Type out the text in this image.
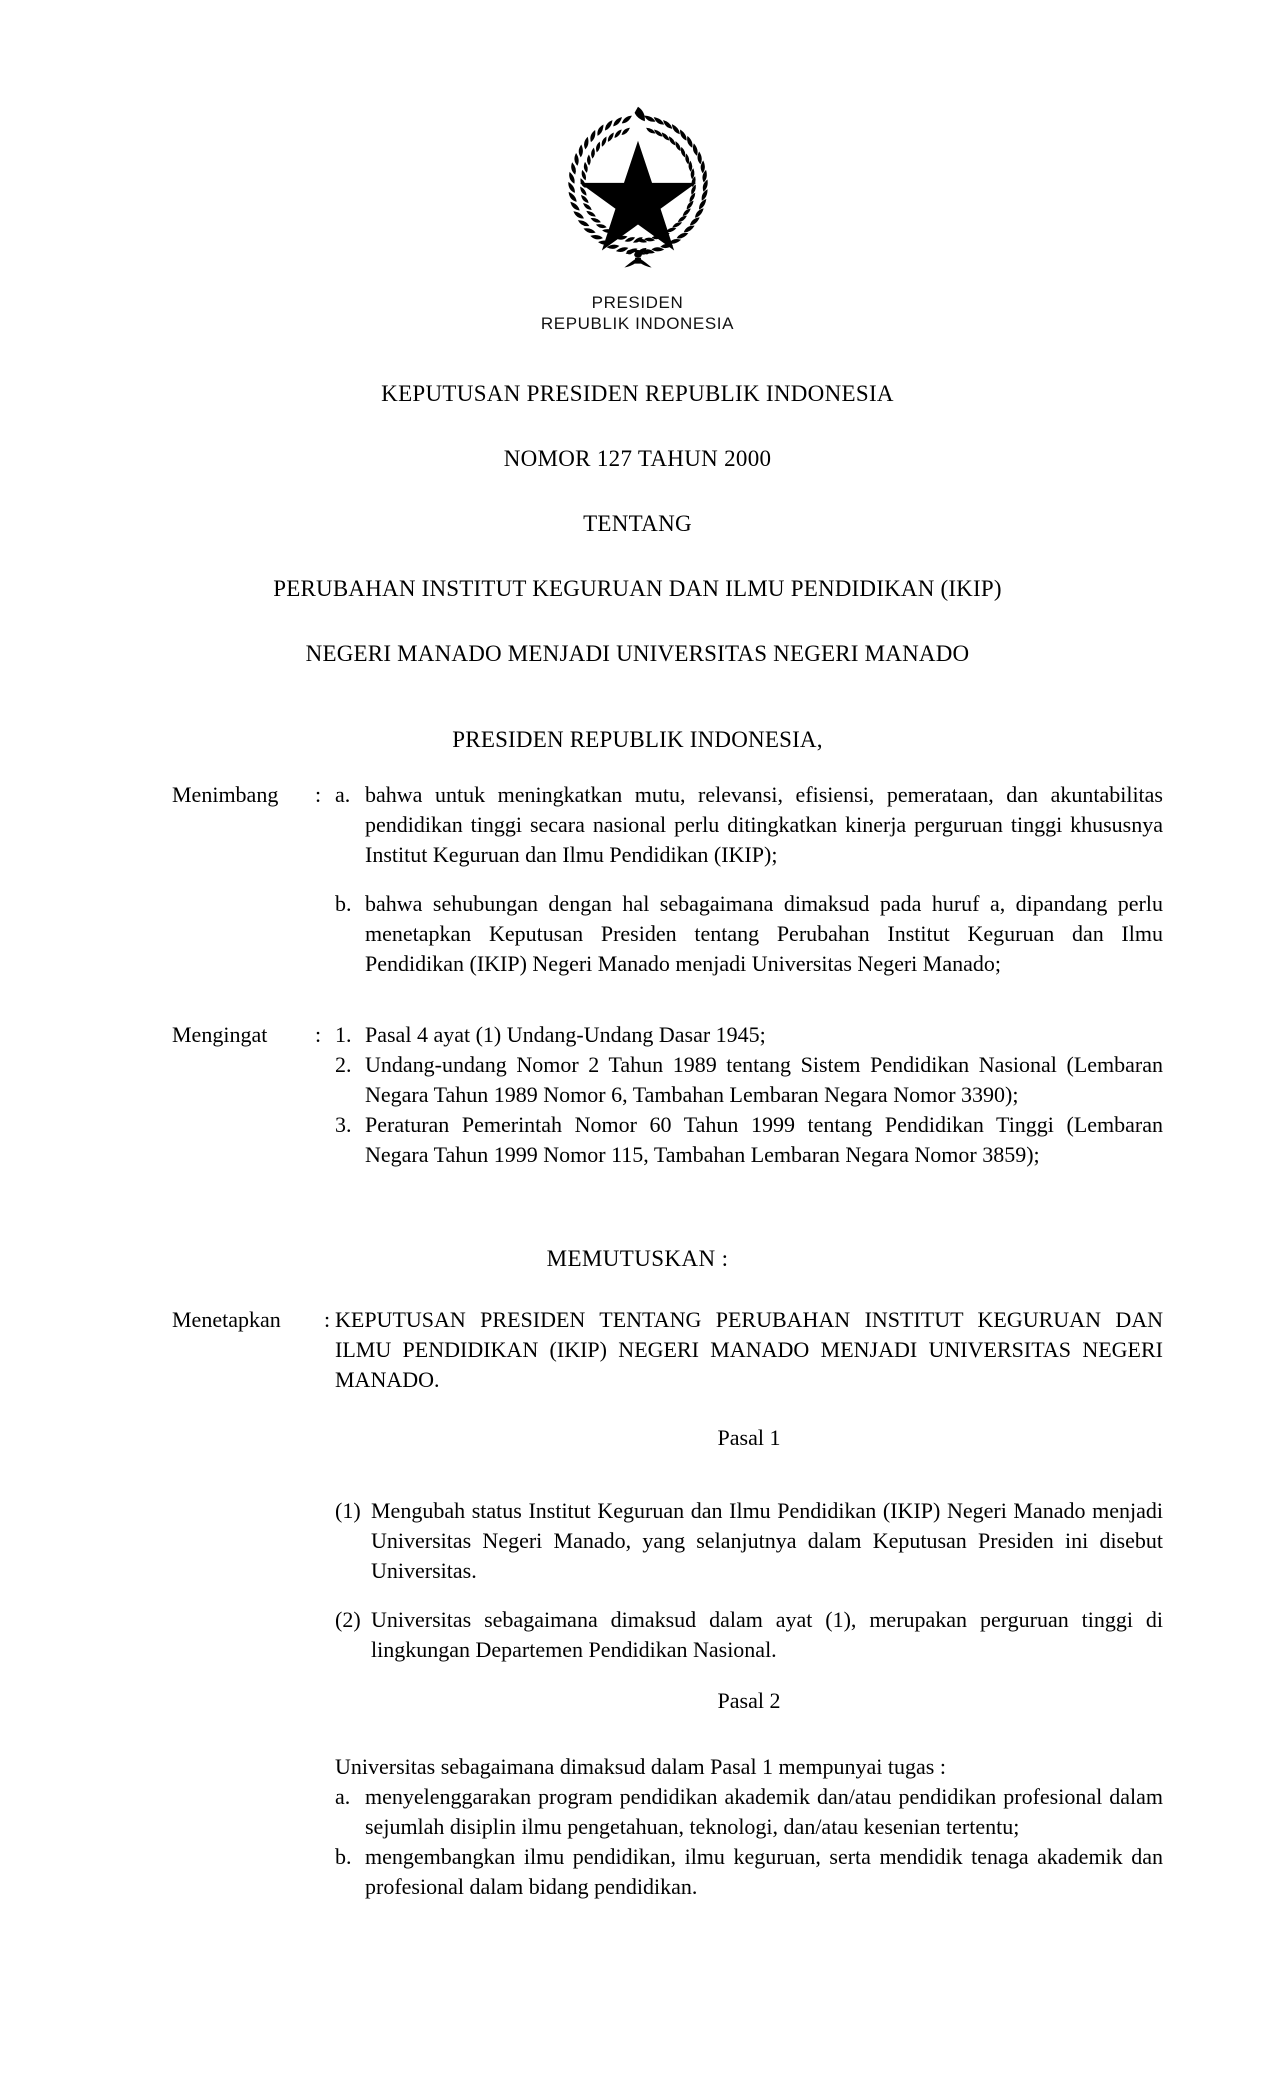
PRESIDEN
REPUBLIK INDONESIA
KEPUTUSAN PRESIDEN REPUBLIK INDONESIA
NOMOR 127 TAHUN 2000
TENTANG
PERUBAHAN INSTITUT KEGURUAN DAN ILMU PENDIDIKAN (IKIP)
NEGERI MANADO MENJADI UNIVERSITAS NEGERI MANADO
PRESIDEN REPUBLIK INDONESIA,
Menimbang : a. bahwa untuk meningkatkan mutu, relevansi, efisiensi, pemerataan, dan akuntabilitas pendidikan tinggi secara nasional perlu ditingkatkan kinerja perguruan tinggi khususnya Institut Keguruan dan Ilmu Pendidikan (IKIP);
b. bahwa sehubungan dengan hal sebagaimana dimaksud pada huruf a, dipandang perlu menetapkan Keputusan Presiden tentang Perubahan Institut Keguruan dan Ilmu Pendidikan (IKIP) Negeri Manado menjadi Universitas Negeri Manado;
Mengingat : 1. Pasal 4 ayat (1) Undang-Undang Dasar 1945;
2. Undang-undang Nomor 2 Tahun 1989 tentang Sistem Pendidikan Nasional (Lembaran Negara Tahun 1989 Nomor 6, Tambahan Lembaran Negara Nomor 3390);
3. Peraturan Pemerintah Nomor 60 Tahun 1999 tentang Pendidikan Tinggi (Lembaran Negara Tahun 1999 Nomor 115, Tambahan Lembaran Negara Nomor 3859);
MEMUTUSKAN :
Menetapkan : KEPUTUSAN PRESIDEN TENTANG PERUBAHAN INSTITUT KEGURUAN DAN ILMU PENDIDIKAN (IKIP) NEGERI MANADO MENJADI UNIVERSITAS NEGERI MANADO.
Pasal 1
(1) Mengubah status Institut Keguruan dan Ilmu Pendidikan (IKIP) Negeri Manado menjadi Universitas Negeri Manado, yang selanjutnya dalam Keputusan Presiden ini disebut Universitas.
(2) Universitas sebagaimana dimaksud dalam ayat (1), merupakan perguruan tinggi di lingkungan Departemen Pendidikan Nasional.
Pasal 2
Universitas sebagaimana dimaksud dalam Pasal 1 mempunyai tugas :
a. menyelenggarakan program pendidikan akademik dan/atau pendidikan profesional dalam sejumlah disiplin ilmu pengetahuan, teknologi, dan/atau kesenian tertentu;
b. mengembangkan ilmu pendidikan, ilmu keguruan, serta mendidik tenaga akademik dan profesional dalam bidang pendidikan.
